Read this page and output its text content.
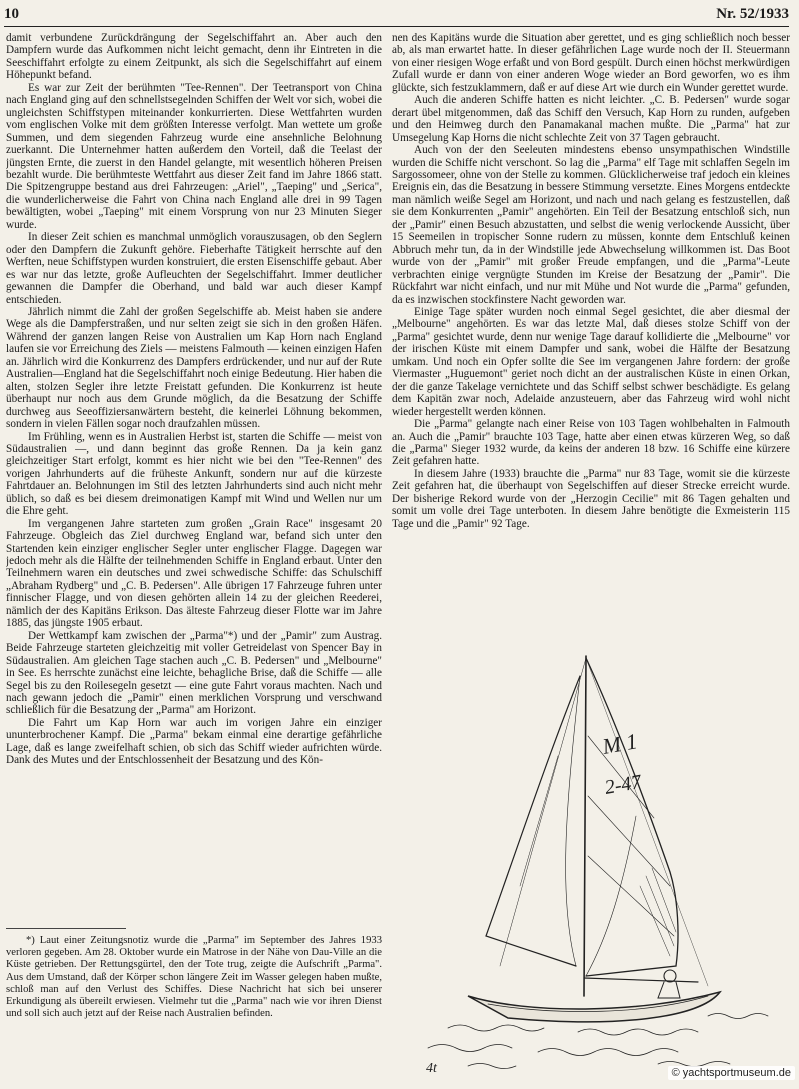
10	Nr. 52/1933

damit verbundene Zurückdrängung der Segelschiffahrt an. Aber auch den Dampfern wurde das Aufkommen nicht leicht gemacht, denn ihr Eintreten in die Seeschiffahrt erfolgte zu einem Zeitpunkt, als sich die Segelschiffahrt auf einem Höhepunkt befand.

Es war zur Zeit der berühmten "Tee-Rennen". Der Teetransport von China nach England ging auf den schnellstsegelnden Schiffen der Welt vor sich, wobei die ungleichsten Schiffstypen miteinander konkurrierten. Diese Wettfahrten wurden vom englischen Volke mit dem größten Interesse verfolgt. Man wettete um große Summen, und dem siegenden Fahrzeug wurde eine ansehnliche Belohnung zuerkannt. Die Unternehmer hatten außerdem den Vorteil, daß die Teelast der jüngsten Ernte, die zuerst in den Handel gelangte, mit wesentlich höheren Preisen bezahlt wurde. Die berühmteste Wettfahrt aus dieser Zeit fand im Jahre 1866 statt. Die Spitzengruppe bestand aus drei Fahrzeugen: „Ariel", „Taeping" und „Serica", die wunderlicherweise die Fahrt von China nach England alle drei in 99 Tagen bewältigten, wobei „Taeping" mit einem Vorsprung von nur 23 Minuten Sieger wurde.

In dieser Zeit schien es manchmal unmöglich vorauszusagen, ob den Seglern oder den Dampfern die Zukunft gehöre. Fieberhafte Tätigkeit herrschte auf den Werften, neue Schiffstypen wurden konstruiert, die ersten Eisenschiffe gebaut. Aber es war nur das letzte, große Aufleuchten der Segelschiffahrt. Immer deutlicher gewannen die Dampfer die Oberhand, und bald war auch dieser Kampf entschieden.

Jährlich nimmt die Zahl der großen Segelschiffe ab. Meist haben sie andere Wege als die Dampferstraßen, und nur selten zeigt sie sich in den großen Häfen. Während der ganzen langen Reise von Australien um Kap Horn nach England laufen sie vor Erreichung des Ziels — meistens Falmouth — keinen einzigen Hafen an. Jährlich wird die Konkurrenz des Dampfers erdrückender, und nur auf der Rute Australien—England hat die Segelschiffahrt noch einige Bedeutung. Hier haben die alten, stolzen Segler ihre letzte Freistatt gefunden. Die Konkurrenz ist heute überhaupt nur noch aus dem Grunde möglich, da die Besatzung der Schiffe durchweg aus Seeoffiziersanwärtern besteht, die keinerlei Löhnung bekommen, sondern in vielen Fällen sogar noch draufzahlen müssen.

Im Frühling, wenn es in Australien Herbst ist, starten die Schiffe — meist von Südaustralien —, und dann beginnt das große Rennen. Da ja kein ganz gleichzeitiger Start erfolgt, kommt es hier nicht wie bei den "Tee-Rennen" des vorigen Jahrhunderts auf die früheste Ankunft, sondern nur auf die kürzeste Fahrtdauer an. Belohnungen im Stil des letzten Jahrhunderts sind auch nicht mehr üblich, so daß es bei diesem dreimonatigen Kampf mit Wind und Wellen nur um die Ehre geht.

Im vergangenen Jahre starteten zum großen „Grain Race" insgesamt 20 Fahrzeuge. Obgleich das Ziel durchweg England war, befand sich unter den Startenden kein einziger englischer Segler unter englischer Flagge. Dagegen war jedoch mehr als die Hälfte der teilnehmenden Schiffe in England erbaut. Unter den Teilnehmern waren ein deutsches und zwei schwedische Schiffe: das Schulschiff „Abraham Rydberg" und „C. B. Pedersen". Alle übrigen 17 Fahrzeuge fuhren unter finnischer Flagge, und von diesen gehörten allein 14 zu der gleichen Reederei, nämlich der des Kapitäns Erikson. Das älteste Fahrzeug dieser Flotte war im Jahre 1885, das jüngste 1905 erbaut.

Der Wettkampf kam zwischen der „Parma"*) und der „Pamir" zum Austrag. Beide Fahrzeuge starteten gleichzeitig mit voller Getreidelast von Spencer Bay in Südaustralien. Am gleichen Tage stachen auch „C. B. Pedersen" und „Melbourne" in See. Es herrschte zunächst eine leichte, behagliche Brise, daß die Schiffe — alle Segel bis zu den Roilesegeln gesetzt — eine gute Fahrt voraus machten. Nach und nach gewann jedoch die „Pamir" einen merklichen Vorsprung und verschwand schließlich für die Besatzung der „Parma" am Horizont.

Die Fahrt um Kap Horn war auch im vorigen Jahre ein einziger ununterbrochener Kampf. Die „Parma" bekam einmal eine derartige gefährliche Lage, daß es lange zweifelhaft schien, ob sich das Schiff wieder aufrichten würde. Dank des Mutes und der Entschlossenheit der Besatzung und des Kön-

*) Laut einer Zeitungsnotiz wurde die „Parma" im September des Jahres 1933 verloren gegeben. Am 28. Oktober wurde ein Matrose in der Nähe von Dau-Ville an die Küste getrieben. Der Rettungsgürtel, den der Tote trug, zeigte die Aufschrift „Parma". Aus dem Umstand, daß der Körper schon längere Zeit im Wasser gelegen haben mußte, schloß man auf den Verlust des Schiffes. Diese Nachricht hat sich bei unserer Erkundigung als übereilt erwiesen. Vielmehr tut die „Parma" nach wie vor ihren Dienst und soll sich auch jetzt auf der Reise nach Australien befinden.

nen des Kapitäns wurde die Situation aber gerettet, und es ging schließlich noch besser ab, als man erwartet hatte. In dieser gefährlichen Lage wurde noch der II. Steuermann von einer riesigen Woge erfaßt und von Bord gespült. Durch einen höchst merkwürdigen Zufall wurde er dann von einer anderen Woge wieder an Bord geworfen, wo es ihm glückte, sich festzuklammern, daß er auf diese Art wie durch ein Wunder gerettet wurde.

Auch die anderen Schiffe hatten es nicht leichter. „C. B. Pedersen" wurde sogar derart übel mitgenommen, daß das Schiff den Versuch, Kap Horn zu runden, aufgeben und den Heimweg durch den Panamakanal machen mußte. Die „Parma" hat zur Umsegelung Kap Horns die nicht schlechte Zeit von 37 Tagen gebraucht.

Auch von der den Seeleuten mindestens ebenso unsympathischen Windstille wurden die Schiffe nicht verschont. So lag die „Parma" elf Tage mit schlaffen Segeln im Sargossomeer, ohne von der Stelle zu kommen. Glücklicherweise traf jedoch ein kleines Ereignis ein, das die Besatzung in bessere Stimmung versetzte. Eines Morgens entdeckte man nämlich weiße Segel am Horizont, und nach und nach gelang es festzustellen, daß sie dem Konkurrenten „Pamir" angehörten. Ein Teil der Besatzung entschloß sich, nun der „Pamir" einen Besuch abzustatten, und selbst die wenig verlockende Aussicht, über 15 Seemeilen in tropischer Sonne rudern zu müssen, konnte dem Entschluß keinen Abbruch mehr tun, da in der Windstille jede Abwechselung willkommen ist. Das Boot wurde von der „Pamir" mit großer Freude empfangen, und die „Parma"-Leute verbrachten einige vergnügte Stunden im Kreise der Besatzung der „Pamir". Die Rückfahrt war nicht einfach, und nur mit Mühe und Not wurde die „Parma" gefunden, da es inzwischen stockfinstere Nacht geworden war.

Einige Tage später wurden noch einmal Segel gesichtet, die aber diesmal der „Melbourne" angehörten. Es war das letzte Mal, daß dieses stolze Schiff von der „Parma" gesichtet wurde, denn nur wenige Tage darauf kollidierte die „Melbourne" vor der irischen Küste mit einem Dampfer und sank, wobei die Hälfte der Besatzung umkam. Und noch ein Opfer sollte die See im vergangenen Jahre fordern: der große Viermaster „Huguemont" geriet noch dicht an der australischen Küste in einen Orkan, der die ganze Takelage vernichtete und das Schiff selbst schwer beschädigte. Es gelang dem Kapitän zwar noch, Adelaide anzusteuern, aber das Fahrzeug wird wohl nicht wieder hergestellt werden können.

Die „Parma" gelangte nach einer Reise von 103 Tagen wohlbehalten in Falmouth an. Auch die „Pamir" brauchte 103 Tage, hatte aber einen etwas kürzeren Weg, so daß die „Parma" Sieger 1932 wurde, da keins der anderen 18 bzw. 16 Schiffe eine kürzere Zeit gefahren hatte.

In diesem Jahre (1933) brauchte die „Parma" nur 83 Tage, womit sie die kürzeste Zeit gefahren hat, die überhaupt von Segelschiffen auf dieser Strecke erreicht wurde. Der bisherige Rekord wurde von der „Herzogin Cecilie" mit 86 Tagen gehalten und somit um volle drei Tage unterboten. In diesem Jahre benötigte die Exmeisterin 115 Tage und die „Pamir" 92 Tage.

M 1
2-47
4t	© yachtsportmuseum.de
